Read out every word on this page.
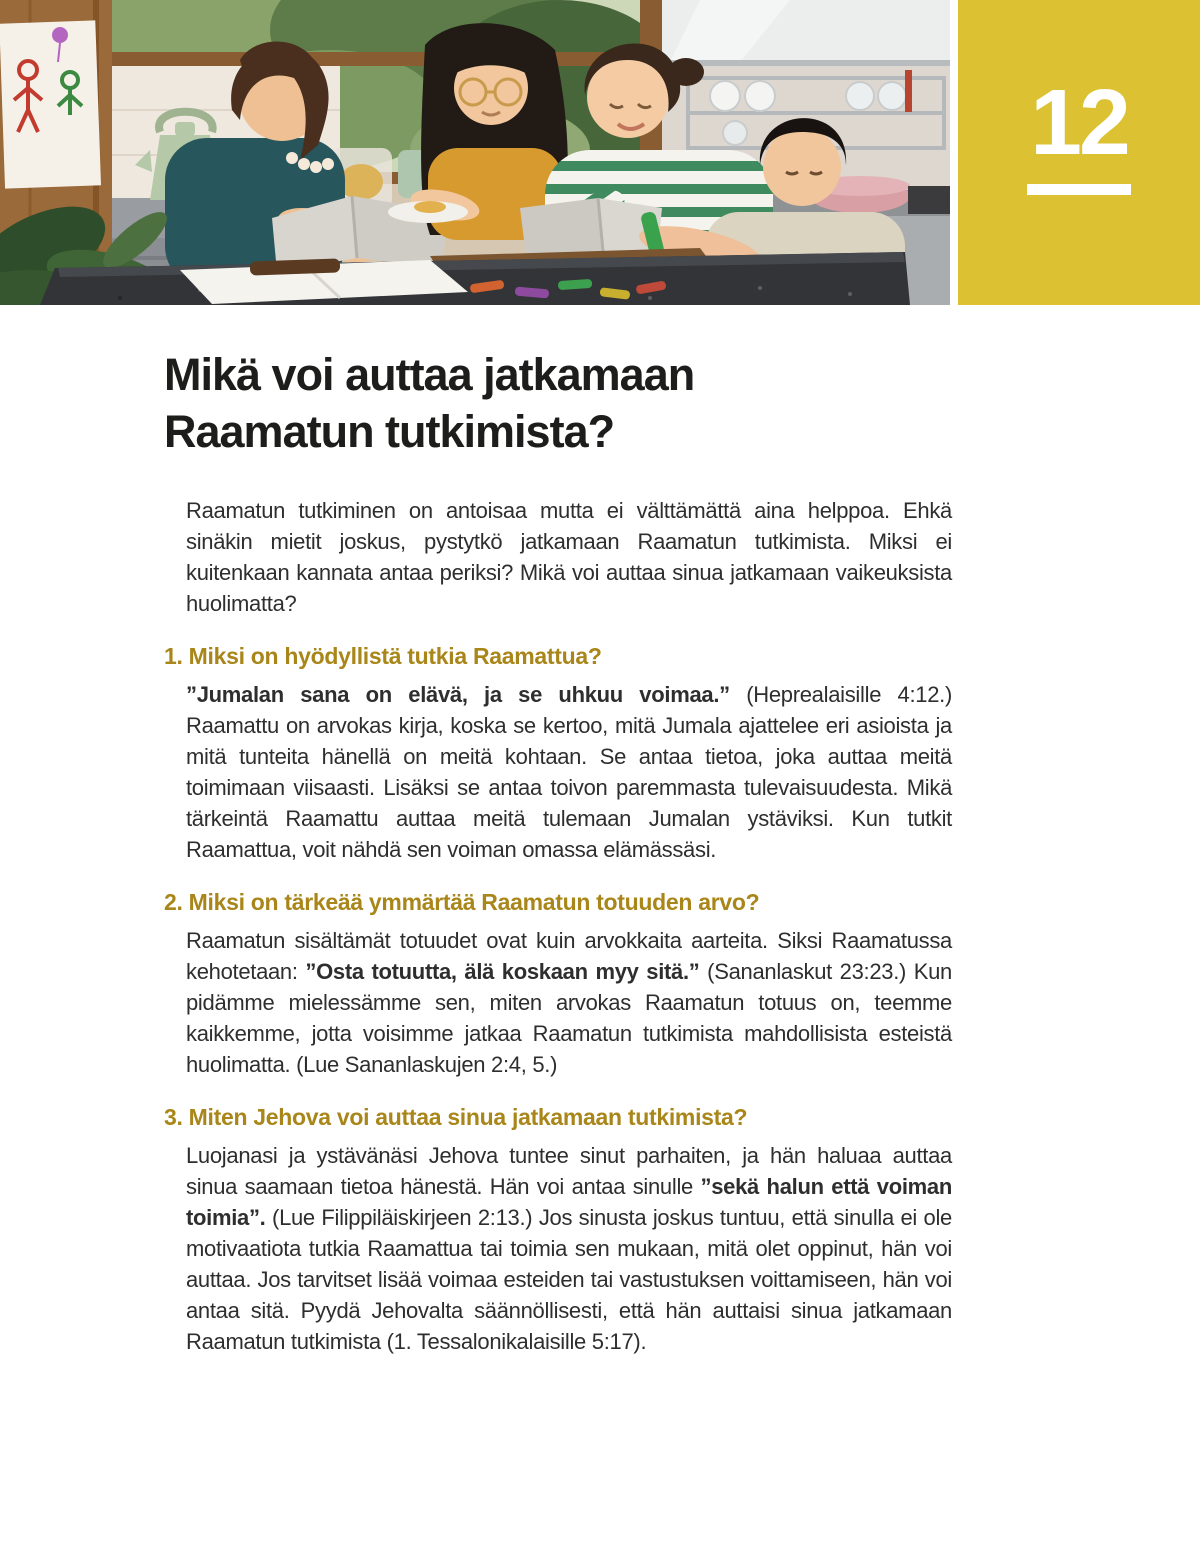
12
Mikä voi auttaa jatkamaan Raamatun tutkimista?

Raamatun tutkiminen on antoisaa mutta ei välttämättä aina helppoa. Ehkä sinäkin mietit joskus, pystytkö jatkamaan Raamatun tutkimista. Miksi ei kuitenkaan kannata antaa periksi? Mikä voi auttaa sinua jatkamaan vaikeuksista huolimatta?

1. Miksi on hyödyllistä tutkia Raamattua?

”Jumalan sana on elävä, ja se uhkuu voimaa.” (Heprealaisille 4:12.) Raamattu on arvokas kirja, koska se kertoo, mitä Jumala ajattelee eri asioista ja mitä tunteita hänellä on meitä kohtaan. Se antaa tietoa, joka auttaa meitä toimimaan viisaasti. Lisäksi se antaa toivon paremmasta tulevaisuudesta. Mikä tärkeintä Raamattu auttaa meitä tulemaan Jumalan ystäviksi. Kun tutkit Raamattua, voit nähdä sen voiman omassa elämässäsi.

2. Miksi on tärkeää ymmärtää Raamatun totuuden arvo?

Raamatun sisältämät totuudet ovat kuin arvokkaita aarteita. Siksi Raamatussa kehotetaan: ”Osta totuutta, älä koskaan myy sitä.” (Sananlaskut 23:23.) Kun pidämme mielessämme sen, miten arvokas Raamatun totuus on, teemme kaikkemme, jotta voisimme jatkaa Raamatun tutkimista mahdollisista esteistä huolimatta. (Lue Sananlaskujen 2:4, 5.)

3. Miten Jehova voi auttaa sinua jatkamaan tutkimista?

Luojanasi ja ystävänäsi Jehova tuntee sinut parhaiten, ja hän haluaa auttaa sinua saamaan tietoa hänestä. Hän voi antaa sinulle ”sekä halun että voiman toimia”. (Lue Filippiläiskirjeen 2:13.) Jos sinusta joskus tuntuu, että sinulla ei ole motivaatiota tutkia Raamattua tai toimia sen mukaan, mitä olet oppinut, hän voi auttaa. Jos tarvitset lisää voimaa esteiden tai vastustuksen voittamiseen, hän voi antaa sitä. Pyydä Jehovalta säännöllisesti, että hän auttaisi sinua jatkamaan Raamatun tutkimista (1. Tessalonikalaisille 5:17).
